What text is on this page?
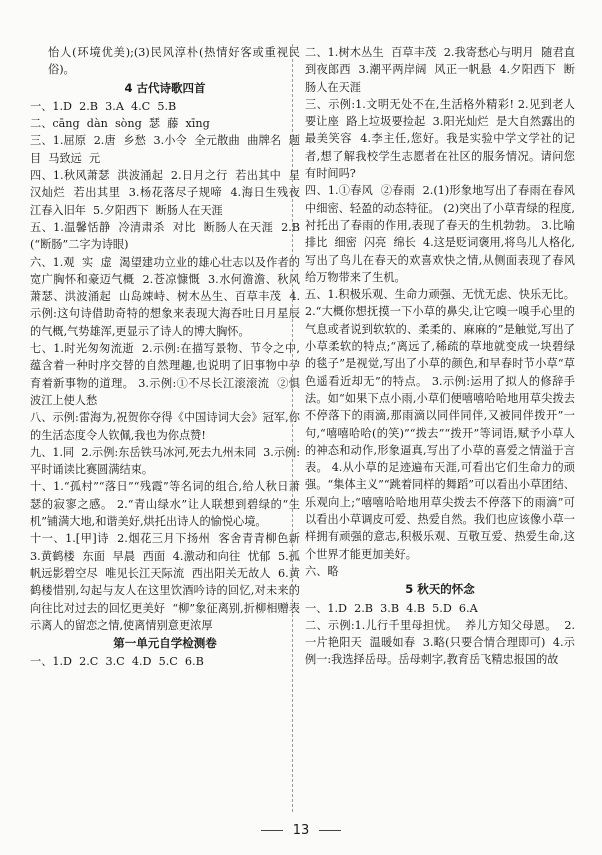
怡人(环境优美);(3)民风淳朴(热情好客或重视民俗)。
4 古代诗歌四首
一、1.D  2.B  3.A  4.C  5.B
二、cāng  dàn  sòng  瑟  藤  xīng
三、1.屈原  2.唐  乡愁  3.小令  全元散曲  曲牌名  题目  马致远  元
四、1.秋风萧瑟  洪波涌起  2.日月之行  若出其中  星汉灿烂  若出其里  3.杨花落尽子规啼  4.海日生残夜  江春入旧年  5.夕阳西下  断肠人在天涯
五、1.温馨恬静  冷清肃杀  对比  断肠人在天涯  2.B(“断肠”二字为诗眼)
六、1.观  实  虚  渴望建功立业的雄心壮志以及作者的宽广胸怀和豪迈气概  2.苍凉慷慨  3.水何澹澹、秋风萧瑟、洪波涌起  山岛竦峙、树木丛生、百草丰茂  4.示例:这句诗借助奇特的想象来表现大海吞吐日月星辰的气概,气势雄浑,更显示了诗人的博大胸怀。
七、1.时光匆匆流逝  2.示例:在描写景物、节令之中,蕴含着一种时序交替的自然理趣,也说明了旧事物中孕育着新事物的道理。 3.示例:①不尽长江滚滚流  ②惧波江上使人愁
八、示例:雷海为,祝贺你夺得《中国诗词大会》冠军,你的生活态度令人钦佩,我也为你点赞!
九、1.同  2.示例:东岳铁马冰河,死去九州未同  3.示例:平时诵读比赛圆满结束。
十、1.“孤村”“落日”“残霞”等名词的组合,给人秋日萧瑟的寂寥之感。 2.“青山绿水”让人联想到碧绿的“生机”铺满大地,和谐美好,烘托出诗人的愉悦心境。
十一、1.[甲]诗  2.烟花三月下扬州  客舍青青柳色新  3.黄鹤楼  东面  早晨  西面  4.激动和向往  忧郁  5.孤帆远影碧空尽  唯见长江天际流  西出阳关无故人  6.黄鹤楼惜别,勾起与友人在这里饮酒吟诗的回忆,对未来的向往比对过去的回忆更美好  “柳”象征离别,折柳相赠表示离人的留恋之情,使离情别意更浓厚
第一单元自学检测卷
一、1.D  2.C  3.C  4.D  5.C  6.B
二、1.树木丛生  百草丰茂  2.我寄愁心与明月  随君直到夜郎西  3.潮平两岸阔  风正一帆悬  4.夕阳西下  断肠人在天涯
三、示例:1.文明无处不在,生活格外精彩! 2.见到老人要让座  路上垃圾要捡起  3.阳光灿烂  是大自然露出的最美笑容  4.李主任,您好。我是实验中学文学社的记者,想了解我校学生志愿者在社区的服务情况。请问您有时间吗?
四、1.①春风  ②春雨  2.(1)形象地写出了春雨在春风中细密、轻盈的动态特征。 (2)突出了小草青绿的程度,衬托出了春雨的作用,表现了春天的生机勃勃。 3.比喻  排比  细密  闪亮  绵长  4.这是贬词褒用,将鸟儿人格化,写出了鸟儿在春天的欢喜欢快之情,从侧面表现了春风给万物带来了生机。
五、1.积极乐观、生命力顽强、无忧无虑、快乐无比。 2.“大概你想抚摸一下小草的鼻尖,让它嗅一嗅手心里的气息或者说到软软的、柔柔的、麻麻的”是触觉,写出了小草柔软的特点;“离远了,稀疏的草地就变成一块碧绿的毯子”是视觉,写出了小草的颜色,和早春时节小草“草色遥看近却无”的特点。 3.示例:运用了拟人的修辞手法。如“如果下点小雨,小草们便嘻嘻哈哈地用草尖拨去不停落下的雨滴,那雨滴以同伴同伴,又被同伴拨开”一句,“嘻嘻哈哈(的笑)”“拨去”“拨开”等词语,赋予小草人的神态和动作,形象逼真,写出了小草的喜爱之情溢于言表。 4.从小草的足迹遍布天涯,可看出它们生命力的顽强。“集体主义”“跳着同样的舞蹈”可以看出小草团结、乐观向上;“嘻嘻哈哈地用草尖拨去不停落下的雨滴”可以看出小草调皮可爱、热爱自然。我们也应该像小草一样拥有顽强的意志,积极乐观、互敬互爱、热爱生命,这个世界才能更加美好。
六、略
5 秋天的怀念
一、1.D  2.B  3.B  4.B  5.D  6.A
二、示例:1.儿行千里母担忧。  养儿方知父母恩。  2.一片艳阳天  温暖如春  3.略(只要合情合理即可)  4.示例一:我选择岳母。岳母刺字,教育岳飞精忠报国的故
13
